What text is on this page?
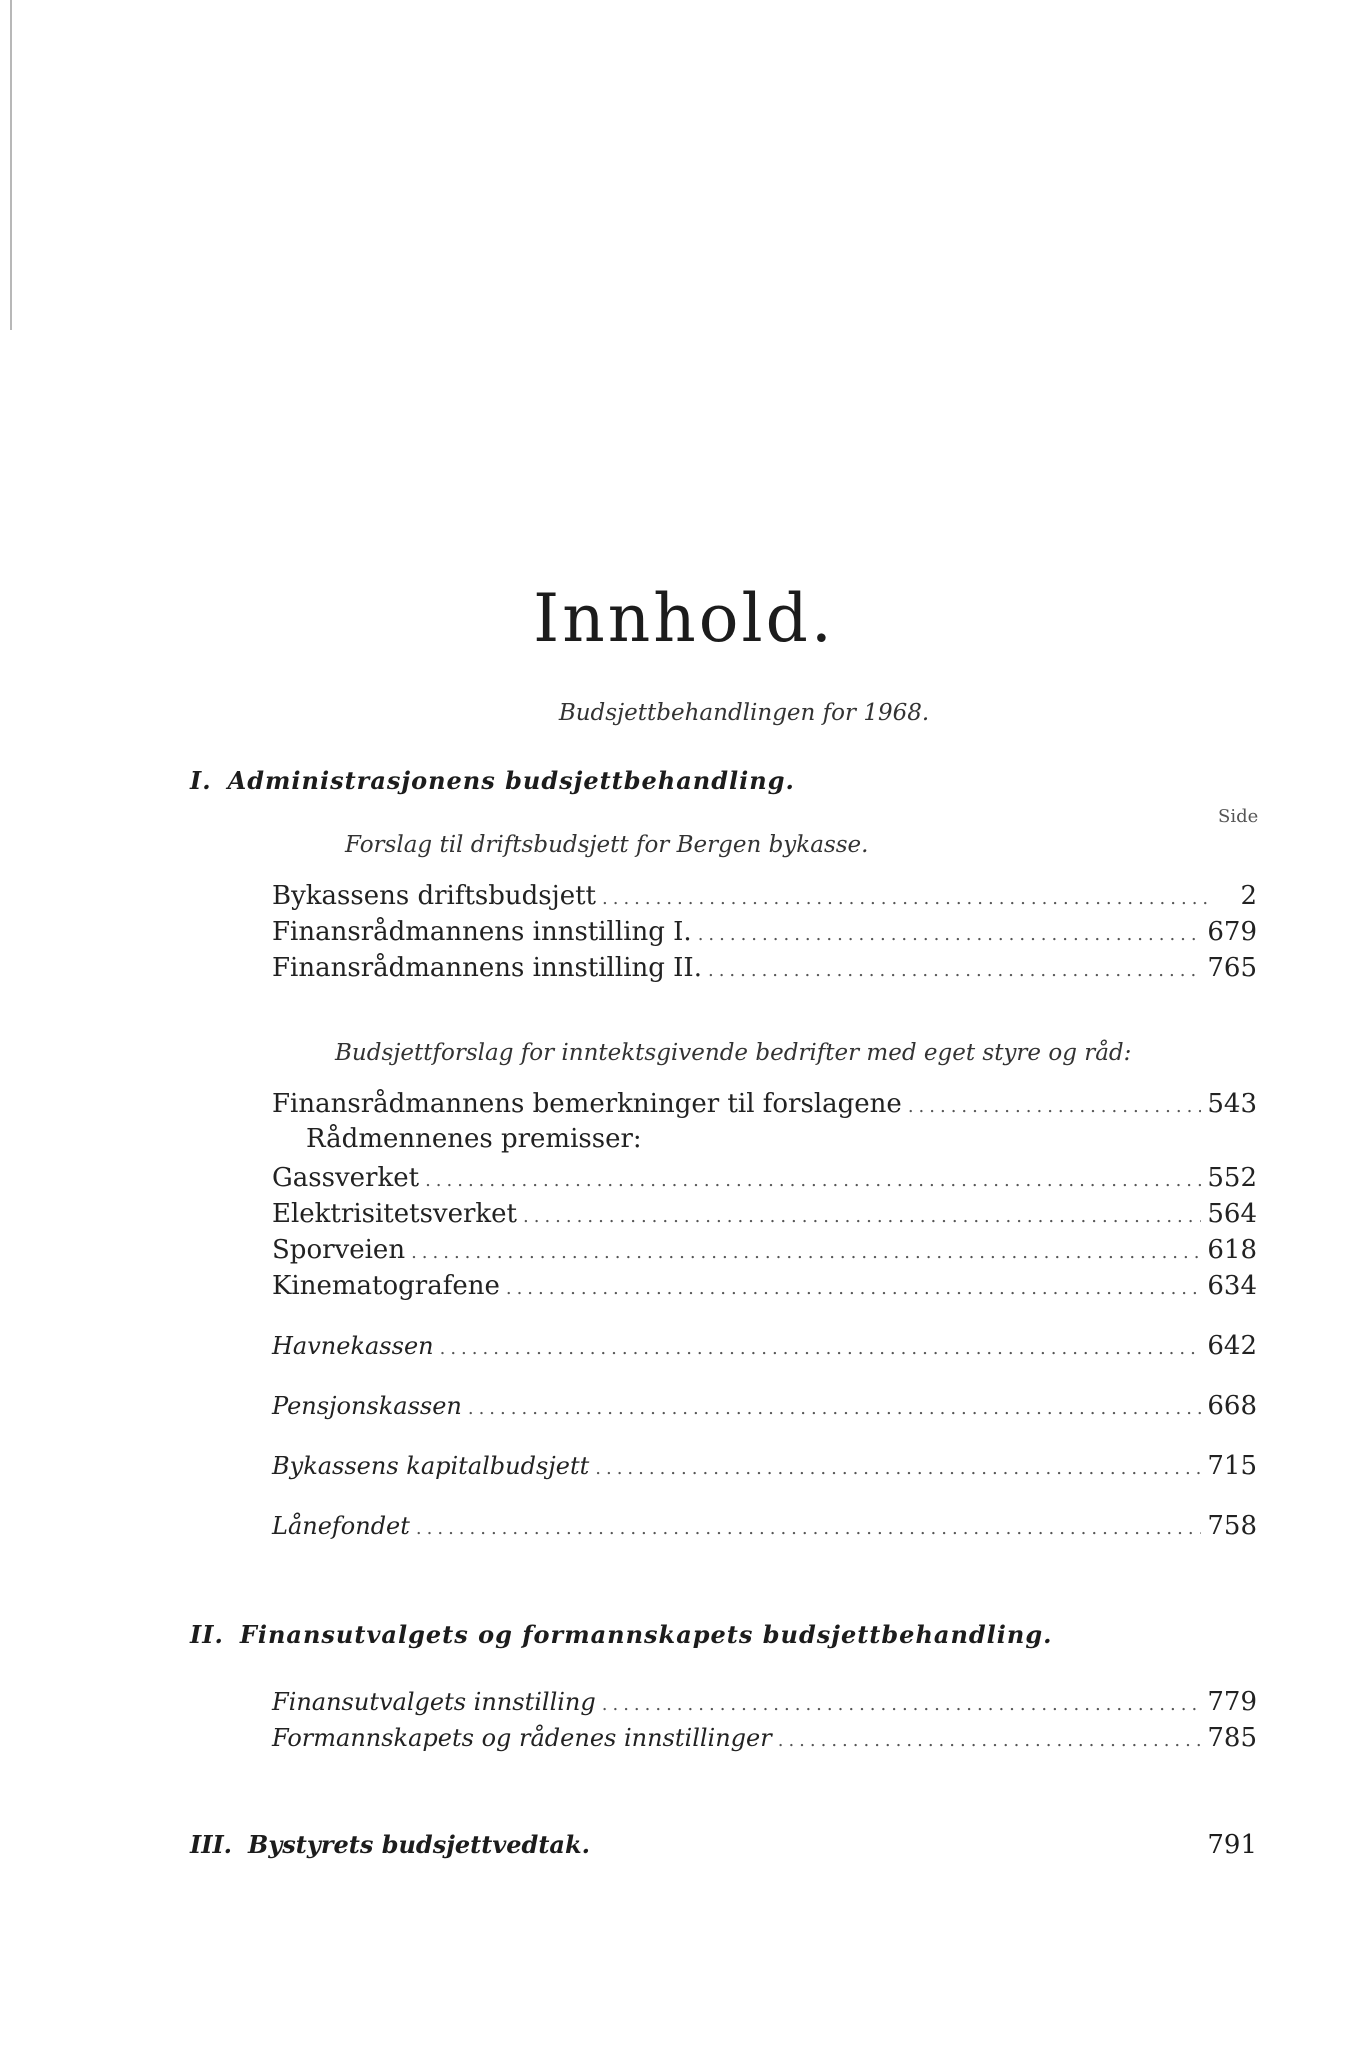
Innhold.
Budsjettbehandlingen for 1968.
I. Administrasjonens budsjettbehandling.
Side
Forslag til driftsbudsjett for Bergen bykasse.
Bykassens driftsbudsjett .....	2
Finansrådmannens innstilling I. .....	679
Finansrådmannens innstilling II. .....	765
Budsjettforslag for inntektsgivende bedrifter med eget styre og råd:
Finansrådmannens bemerkninger til forslagene .....	543
Rådmennenes premisser:
Gassverket .....	552
Elektrisitetsverket .....	564
Sporveien .....	618
Kinematografene .....	634
Havnekassen .....	642
Pensjonskassen .....	668
Bykassens kapitalbudsjett .....	715
Lånefondet .....	758
II. Finansutvalgets og formannskapets budsjettbehandling.
Finansutvalgets innstilling .....	779
Formannskapets og rådenes innstillinger .....	785
III. Bystyrets budsjettvedtak.	791
